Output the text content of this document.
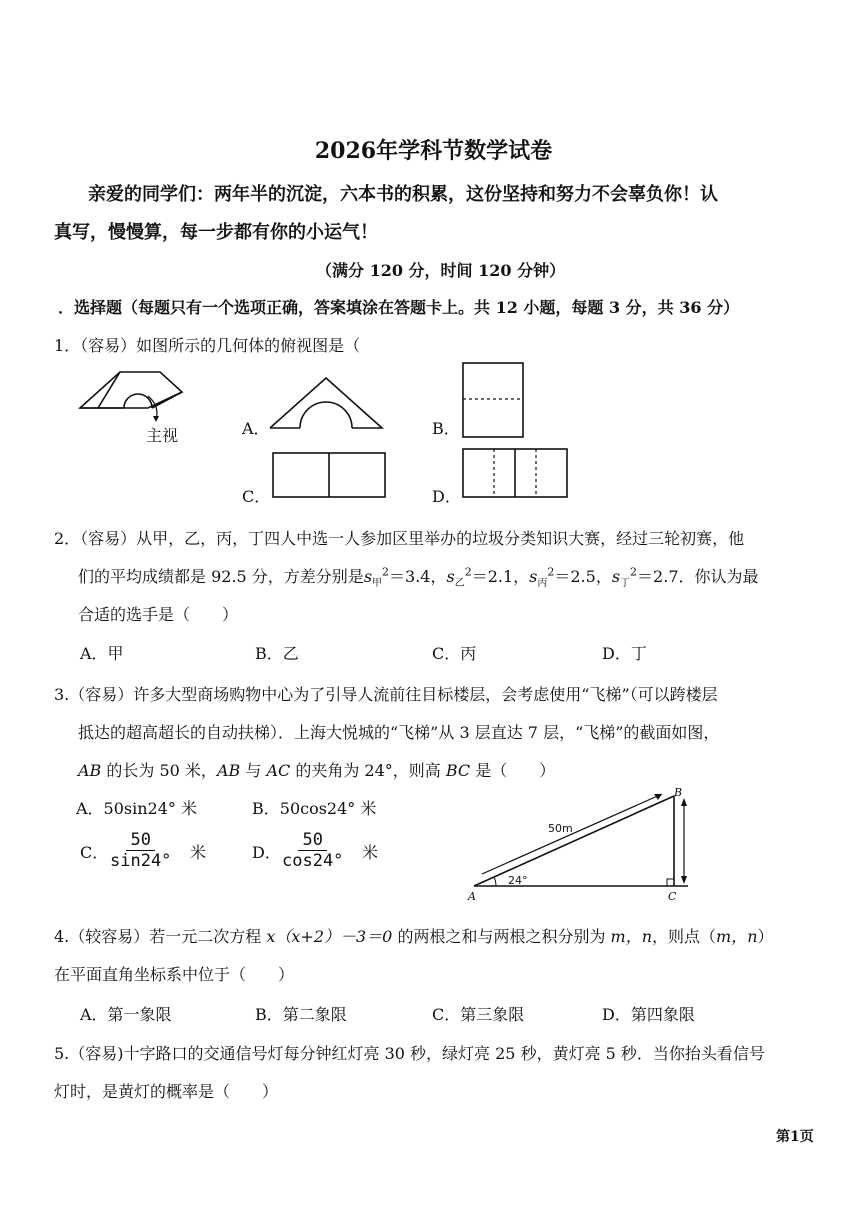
2026年学科节数学试卷
亲爱的同学们：两年半的沉淀，六本书的积累，这份坚持和努力不会辜负你！认
真写，慢慢算，每一步都有你的小运气！
（满分 120 分，时间 120 分钟）
．选择题（每题只有一个选项正确，答案填涂在答题卡上。共 12 小题，每题 3 分，共 36 分）
1．（容易）如图所示的几何体的俯视图是（
主视	A．	B．
C．	D．
2．（容易）从甲，乙，丙，丁四人中选一人参加区里举办的垃圾分类知识大赛，经过三轮初赛，他
们的平均成绩都是 92.5 分，方差分别是$s_甲^2=3.4$，$s_乙^2=2.1$，$s_丙^2=2.5$，$s_丁^2=2.7$．你认为最
合适的选手是（　　）
A．甲	B．乙	C．丙	D．丁
3.（容易）许多大型商场购物中心为了引导人流前往目标楼层，会考虑使用“飞梯”（可以跨楼层
抵达的超高超长的自动扶梯）．上海大悦城的“飞梯”从 3 层直达 7 层，“飞梯”的截面如图，
AB 的长为 50 米，AB 与 AC 的夹角为 24°，则高 BC 是（　　）
A．50sin24° 米	B．50cos24° 米
C． $\frac{50}{\sin 24^\circ}$ 米	D． $\frac{50}{\cos 24^\circ}$ 米
50m
24°
A
B
C
4.（较容易）若一元二次方程 x（x+2）－3＝0 的两根之和与两根之积分别为 m，n，则点（m，n）
在平面直角坐标系中位于（　　）
A．第一象限	B．第二象限	C．第三象限	D．第四象限
5.（容易)十字路口的交通信号灯每分钟红灯亮 30 秒，绿灯亮 25 秒，黄灯亮 5 秒．当你抬头看信号
灯时，是黄灯的概率是（　　）
第1页
